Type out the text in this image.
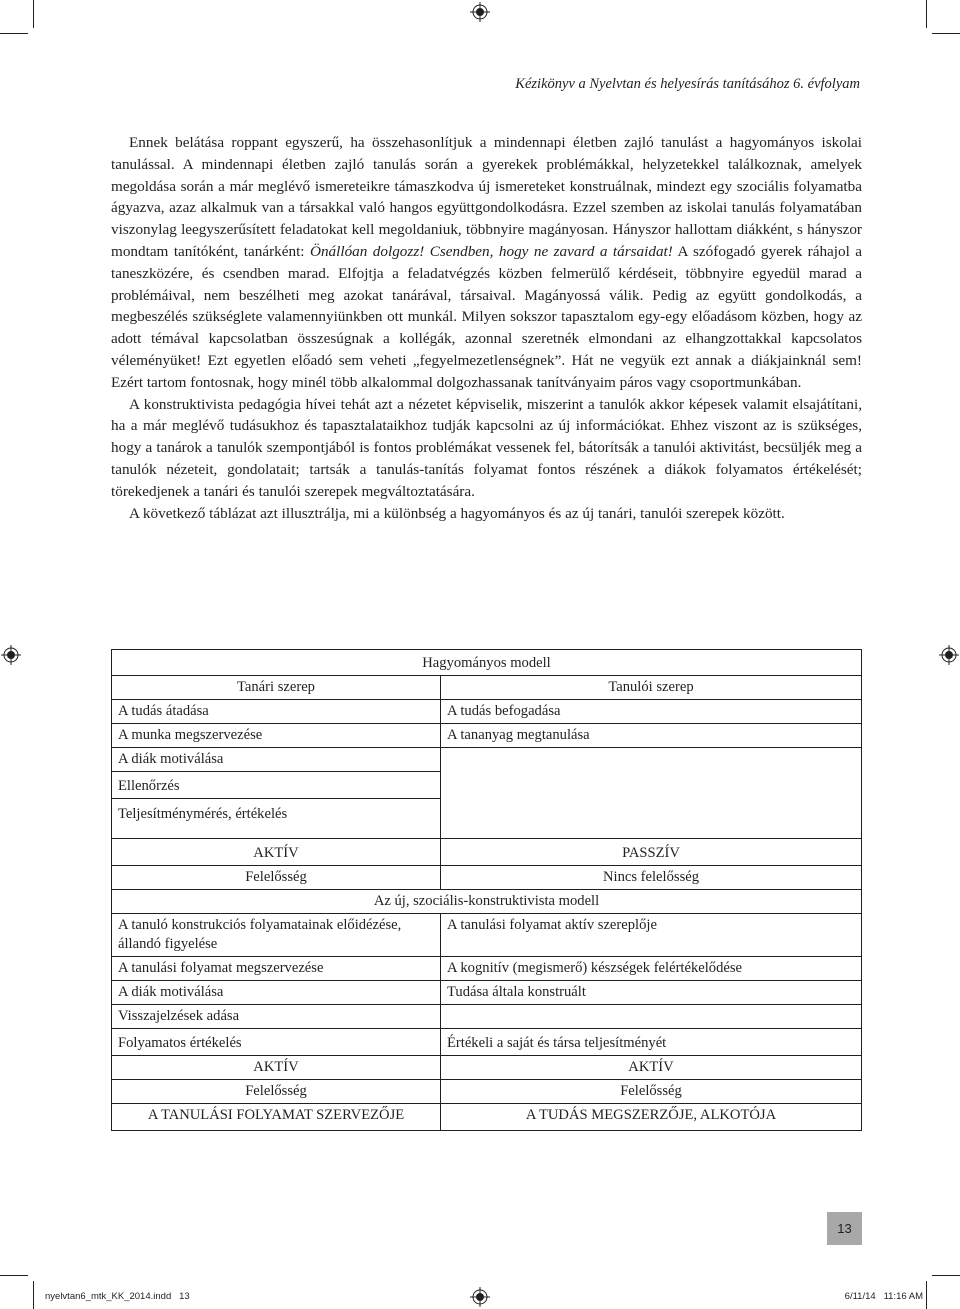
Kézikönyv a Nyelvtan és helyesírás tanításához 6. évfolyam

Ennek belátása roppant egyszerű, ha összehasonlítjuk a mindennapi életben zajló tanulást a hagyományos iskolai tanulással. A mindennapi életben zajló tanulás során a gyerekek problémákkal, helyzetekkel találkoznak, amelyek megoldása során a már meglévő ismereteikre támaszkodva új ismereteket konstruálnak, mindezt egy szociális folyamatba ágyazva, azaz alkalmuk van a társakkal való hangos együttgondolkodásra. Ezzel szemben az iskolai tanulás folyamatában viszonylag leegyszerűsített feladatokat kell megoldaniuk, többnyire magányosan. Hányszor hallottam diákként, s hányszor mondtam tanítóként, tanárként: Önállóan dolgozz! Csendben, hogy ne zavard a társaidat! A szófogadó gyerek ráhajol a taneszközére, és csendben marad. Elfojtja a feladatvégzés közben felmerülő kérdéseit, többnyire egyedül marad a problémáival, nem beszélheti meg azokat tanárával, társaival. Magányossá válik. Pedig az együtt gondolkodás, a megbeszélés szükséglete valamennyiünkben ott munkál. Milyen sokszor tapasztalom egy-egy előadásom közben, hogy az adott témával kapcsolatban összesúgnak a kollégák, azonnal szeretnék elmondani az elhangzottakkal kapcsolatos véleményüket! Ezt egyetlen előadó sem veheti „fegyelmezetlenségnek”. Hát ne vegyük ezt annak a diákjainknál sem! Ezért tartom fontosnak, hogy minél több alkalommal dolgozhassanak tanítványaim páros vagy csoportmunkában.

A konstruktivista pedagógia hívei tehát azt a nézetet képviselik, miszerint a tanulók akkor képesek valamit elsajátítani, ha a már meglévő tudásukhoz és tapasztalataikhoz tudják kapcsolni az új információkat. Ehhez viszont az is szükséges, hogy a tanárok a tanulók szempontjából is fontos problémákat vessenek fel, bátorítsák a tanulói aktivitást, becsüljék meg a tanulók nézeteit, gondolatait; tartsák a tanulás-tanítás folyamat fontos részének a diákok folyamatos értékelését; törekedjenek a tanári és tanulói szerepek megváltoztatására.

A következő táblázat azt illusztrálja, mi a különbség a hagyományos és az új tanári, tanulói szerepek között.

Hagyományos modell	
Tanári szerep	Tanulói szerep
A tudás átadása	A tudás befogadása
A munka megszervezése	A tananyag megtanulása
A diák motiválása	
Ellenőrzés	
Teljesítménymérés, értékelés	
AKTÍV	PASSZÍV
Felelősség	Nincs felelősség
Az új, szociális-konstruktivista modell	
A tanuló konstrukciós folyamatainak előidézése, állandó figyelése	A tanulási folyamat aktív szereplője
A tanulási folyamat megszervezése	A kognitív (megismerő) készségek felértékelődése
A diák motiválása	Tudása általa konstruált
Visszajelzések adása	
Folyamatos értékelés	Értékeli a saját és társa teljesítményét
AKTÍV	AKTÍV
Felelősség	Felelősség
A TANULÁSI FOLYAMAT SZERVEZŐJE	A TUDÁS MEGSZERZŐJE, ALKOTÓJA
13
nyelvtan6_mtk_KK_2014.indd   13	6/11/14   11:16 AM
